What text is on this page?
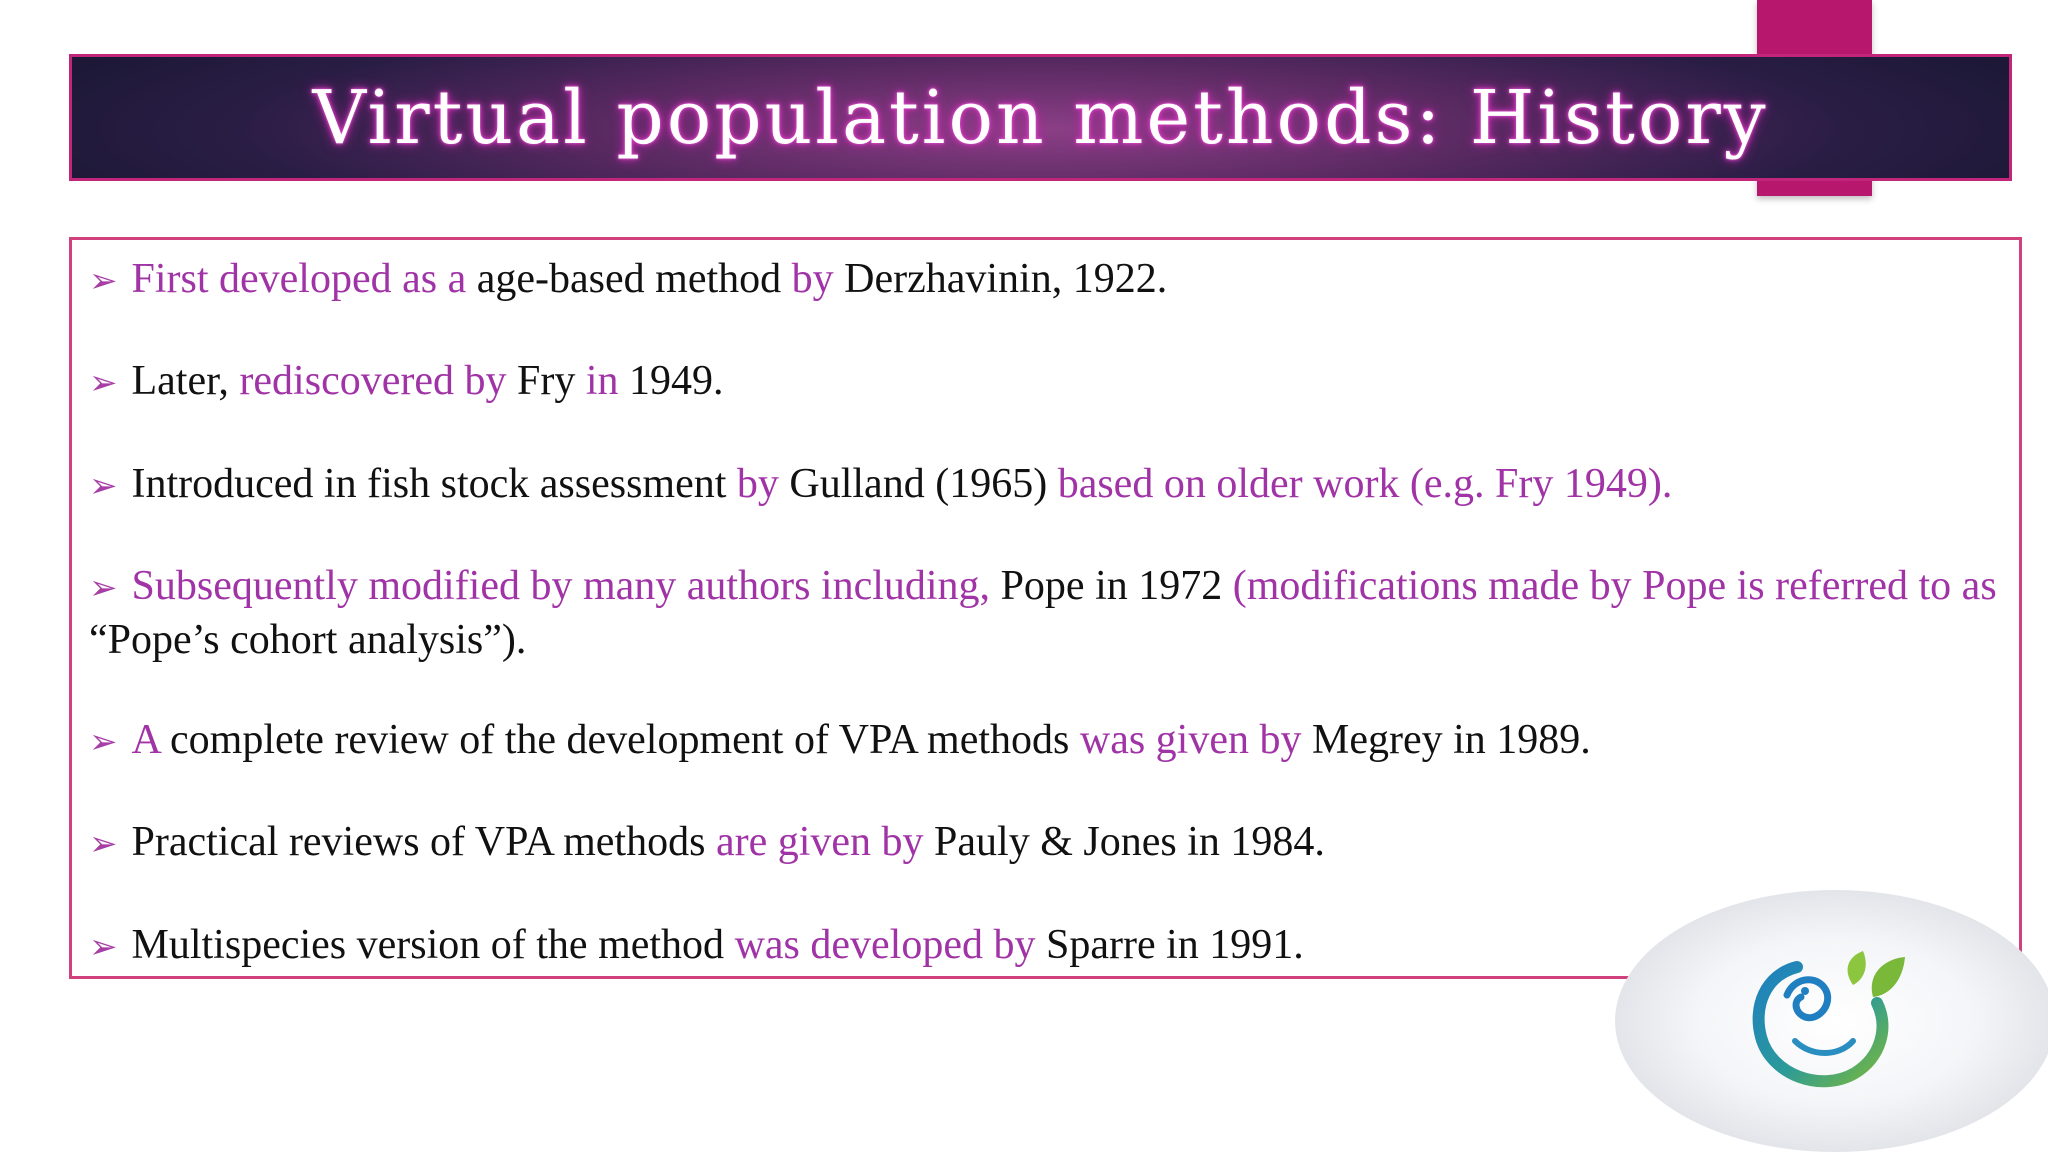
Virtual population methods: History
➢ First developed as a age-based method by Derzhavinin, 1922.
➢ Later, rediscovered by Fry in 1949.
➢ Introduced in fish stock assessment by Gulland (1965) based on older work (e.g. Fry 1949).
➢ Subsequently modified by many authors including, Pope in 1972 (modifications made by Pope is referred to as “Pope’s cohort analysis”).
➢ A complete review of the development of VPA methods was given by Megrey in 1989.
➢ Practical reviews of VPA methods are given by Pauly & Jones in 1984.
➢ Multispecies version of the method was developed by Sparre in 1991.
